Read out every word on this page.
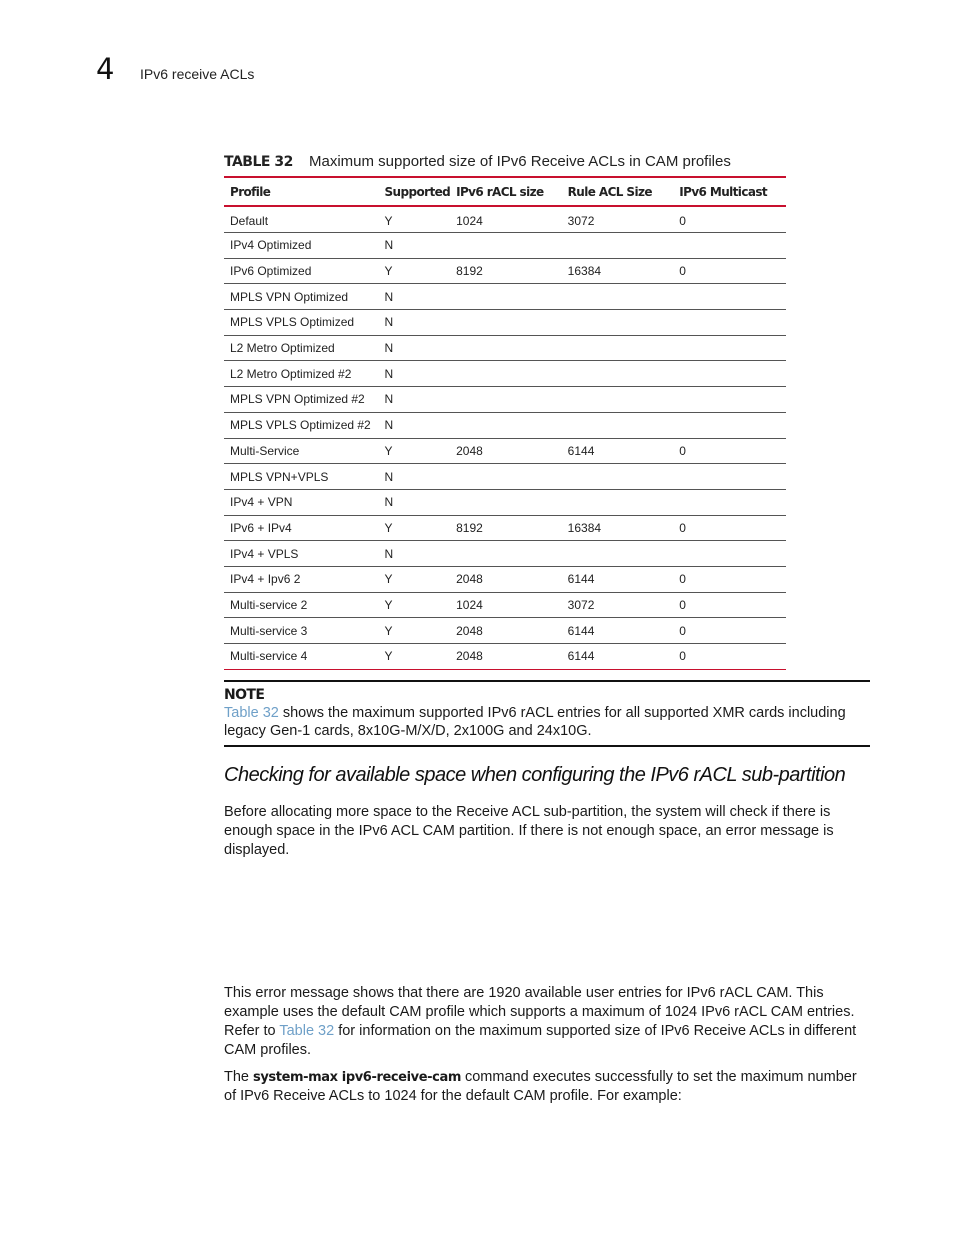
4 IPv6 receive ACLs
TABLE 32 Maximum supported size of IPv6 Receive ACLs in CAM profiles
Profile	Supported	IPv6 rACL size	Rule ACL Size	IPv6 Multicast
Default	Y	1024	3072	0
IPv4 Optimized	N			
IPv6 Optimized	Y	8192	16384	0
MPLS VPN Optimized	N			
MPLS VPLS Optimized	N			
L2 Metro Optimized	N			
L2 Metro Optimized #2	N			
MPLS VPN Optimized #2	N			
MPLS VPLS Optimized #2	N			
Multi-Service	Y	2048	6144	0
MPLS VPN+VPLS	N			
IPv4 + VPN	N			
IPv6 + IPv4	Y	8192	16384	0
IPv4 + VPLS	N			
IPv4 + Ipv6 2	Y	2048	6144	0
Multi-service 2	Y	1024	3072	0
Multi-service 3	Y	2048	6144	0
Multi-service 4	Y	2048	6144	0
NOTE
Table 32 shows the maximum supported IPv6 rACL entries for all supported XMR cards including legacy Gen-1 cards, 8x10G-M/X/D, 2x100G and 24x10G.
Checking for available space when configuring the IPv6 rACL sub-partition

Before allocating more space to the Receive ACL sub-partition, the system will check if there is enough space in the IPv6 ACL CAM partition. If there is not enough space, an error message is displayed.

This error message shows that there are 1920 available user entries for IPv6 rACL CAM. This example uses the default CAM profile which supports a maximum of 1024 IPv6 rACL CAM entries. Refer to Table 32 for information on the maximum supported size of IPv6 Receive ACLs in different CAM profiles.

The system-max ipv6-receive-cam command executes successfully to set the maximum number of IPv6 Receive ACLs to 1024 for the default CAM profile. For example:
